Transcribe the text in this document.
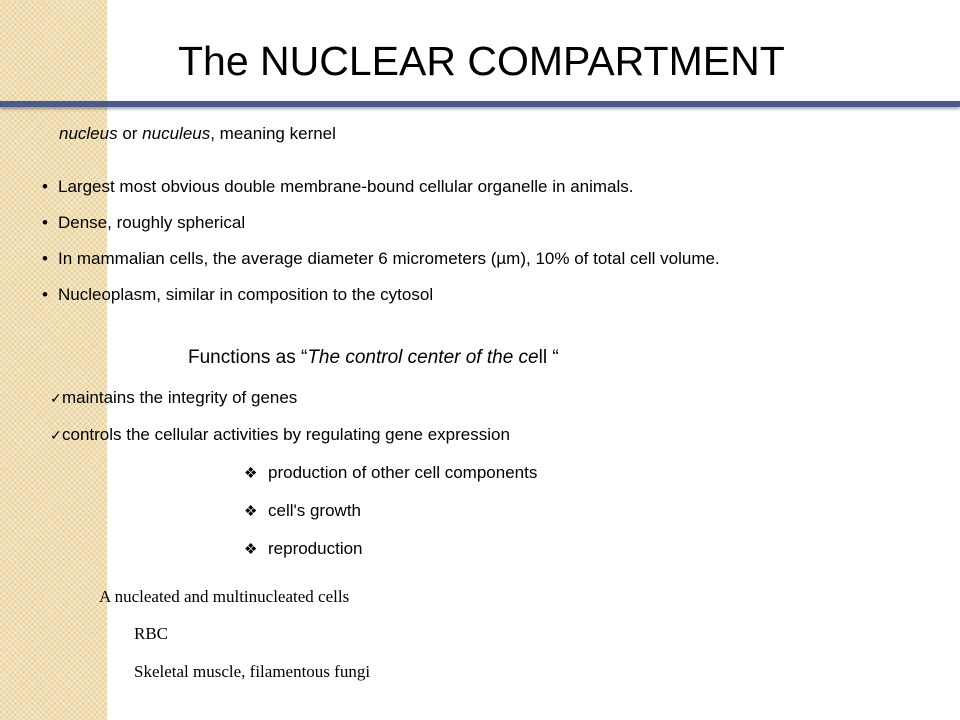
The NUCLEAR COMPARTMENT

nucleus or nuculeus, meaning kernel

• Largest most obvious double membrane-bound cellular organelle in animals.
• Dense, roughly spherical
• In mammalian cells, the average diameter 6 micrometers (µm), 10% of total cell volume.
• Nucleoplasm, similar in composition to the cytosol

Functions as “The control center of the cell “

✓maintains the integrity of genes
✓controls the cellular activities by regulating gene expression
❖ production of other cell components
❖ cell's growth
❖ reproduction
A nucleated and multinucleated cells
RBC
Skeletal muscle, filamentous fungi
